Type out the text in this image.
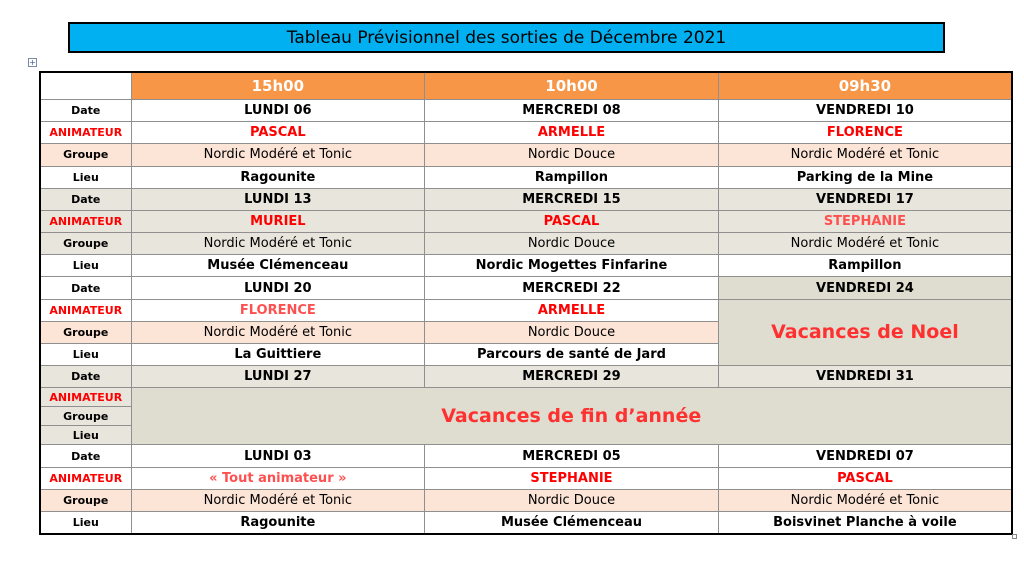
Tableau Prévisionnel des sorties de Décembre 2021
+
	15h00	10h00	09h30
Date	LUNDI 06	MERCREDI 08	VENDREDI 10
ANIMATEUR	PASCAL	ARMELLE	FLORENCE
Groupe	Nordic Modéré et Tonic	Nordic Douce	Nordic Modéré et Tonic
Lieu	Ragounite	Rampillon	Parking de la Mine
Date	LUNDI 13	MERCREDI 15	VENDREDI 17
ANIMATEUR	MURIEL	PASCAL	STEPHANIE
Groupe	Nordic Modéré et Tonic	Nordic Douce	Nordic Modéré et Tonic
Lieu	Musée Clémenceau	Nordic Mogettes Finfarine	Rampillon
Date	LUNDI 20	MERCREDI 22	VENDREDI 24
ANIMATEUR	FLORENCE	ARMELLE	Vacances de Noel
Groupe	Nordic Modéré et Tonic	Nordic Douce	
Lieu	La Guittiere	Parcours de santé de Jard	
Date	LUNDI 27	MERCREDI 29	VENDREDI 31
ANIMATEUR	Vacances de fin d’année		
Groupe			
Lieu			
Date	LUNDI 03	MERCREDI 05	VENDREDI 07
ANIMATEUR	« Tout animateur »	STEPHANIE	PASCAL
Groupe	Nordic Modéré et Tonic	Nordic Douce	Nordic Modéré et Tonic
Lieu	Ragounite	Musée Clémenceau	Boisvinet Planche à voile
